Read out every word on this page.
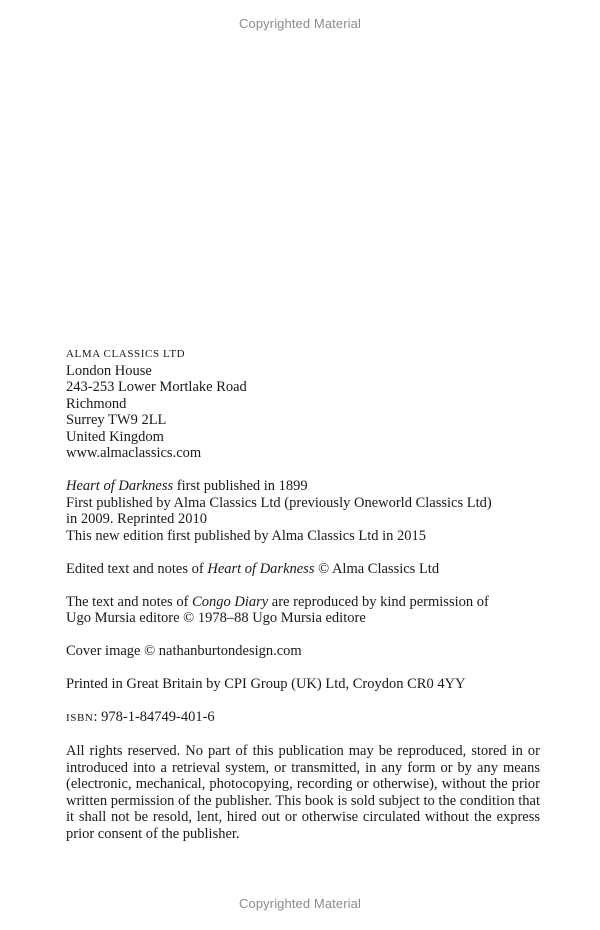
Copyrighted Material
ALMA CLASSICS LTD
London House
243-253 Lower Mortlake Road
Richmond
Surrey TW9 2LL
United Kingdom
www.almaclassics.com
Heart of Darkness first published in 1899
First published by Alma Classics Ltd (previously Oneworld Classics Ltd)
in 2009. Reprinted 2010
This new edition first published by Alma Classics Ltd in 2015
Edited text and notes of Heart of Darkness © Alma Classics Ltd
The text and notes of Congo Diary are reproduced by kind permission of
Ugo Mursia editore © 1978–88 Ugo Mursia editore
Cover image © nathanburtondesign.com
Printed in Great Britain by CPI Group (UK) Ltd, Croydon CR0 4YY
ISBN: 978-1-84749-401-6
All rights reserved. No part of this publication may be reproduced, stored in or introduced into a retrieval system, or transmitted, in any form or by any means (electronic, mechanical, photocopying, recording or otherwise), without the prior written permission of the publisher. This book is sold subject to the condition that it shall not be resold, lent, hired out or otherwise circulated without the express prior consent of the publisher.
Copyrighted Material
